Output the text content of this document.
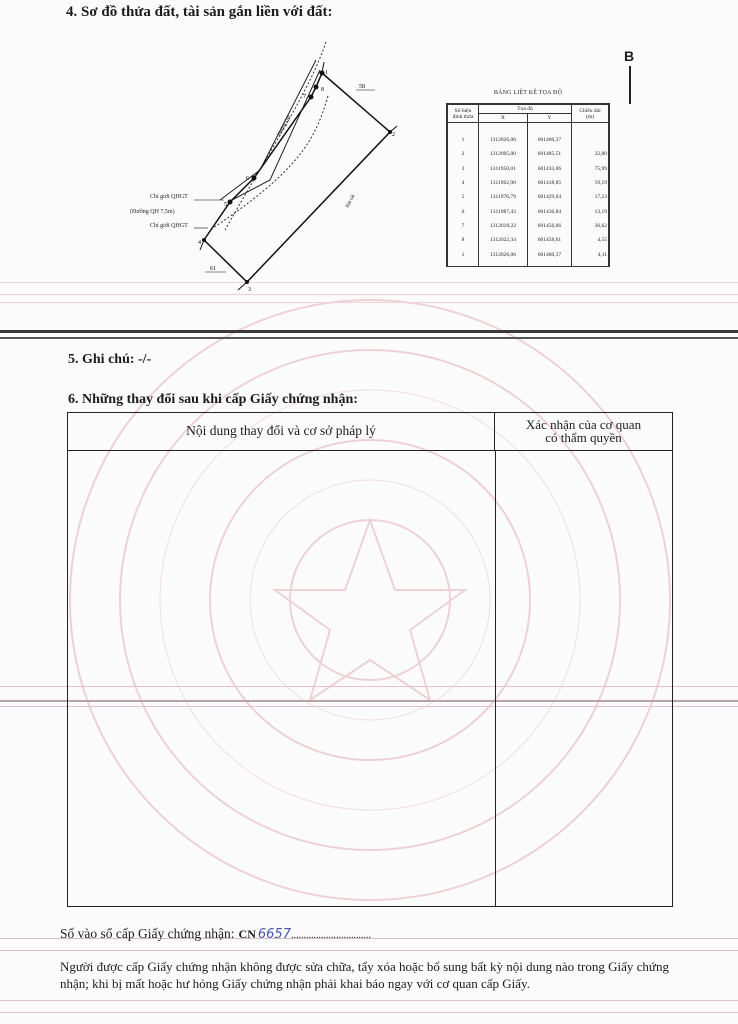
4. Sơ đồ thửa đất, tài sản gắn liền với đất:
B
1
2
3
4
5
6
7
8	58
61
Đường QH
Hải cái
Chỉ giới QHGT
(Đường QH 7,5m)
Chỉ giới QHGT
BẢNG LIỆT KÊ TỌA ĐỘ
Số hiệu
đỉnh thửa	Tọa độ		Chiều dài
(m)
	X	Y	

1	1312026,06	601460,37	
2	1312005,00	601485,51	32,80
3	1311950,01	601433,06	75,99
4	1311962,90	601418,85	19,19
5	1311976,79	601429,04	17,23
6	1311987,43	601436,84	13,19
7	1312018,22	601456,66	36,62
8	1312022,34	601458,61	4,55
1	1312026,06	601460,37	4,11

5. Ghi chú: -/-
6. Những thay đổi sau khi cấp Giấy chứng nhận:
Nội dung thay đổi và cơ sở pháp lý	Xác nhận của cơ quan
có thẩm quyền
Số vào sổ cấp Giấy chứng nhận: CN 6657................................
Người được cấp Giấy chứng nhận không được sửa chữa, tẩy xóa hoặc bổ sung bất kỳ nội dung nào trong Giấy chứng nhận; khi bị mất hoặc hư hỏng Giấy chứng nhận phải khai báo ngay với cơ quan cấp Giấy.
